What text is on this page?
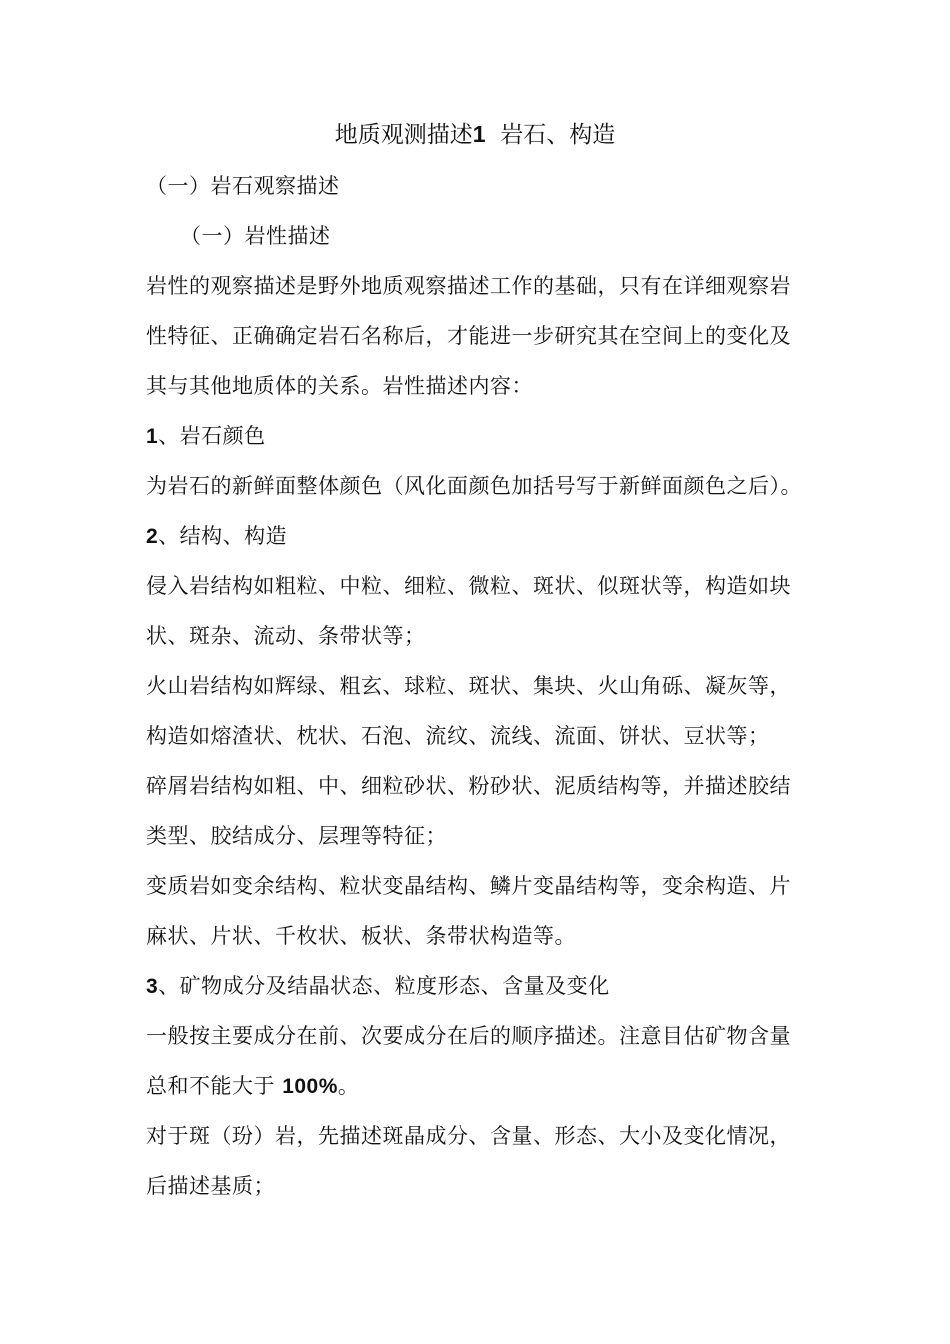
地质观测描述1 岩石、构造
（一）岩石观察描述
（一）岩性描述
岩性的观察描述是野外地质观察描述工作的基础，只有在详细观察岩
性特征、正确确定岩石名称后，才能进一步研究其在空间上的变化及
其与其他地质体的关系。岩性描述内容：
1、岩石颜色
为岩石的新鲜面整体颜色（风化面颜色加括号写于新鲜面颜色之后）。
2、结构、构造
侵入岩结构如粗粒、中粒、细粒、微粒、斑状、似斑状等，构造如块
状、斑杂、流动、条带状等；
火山岩结构如辉绿、粗玄、球粒、斑状、集块、火山角砾、凝灰等，
构造如熔渣状、枕状、石泡、流纹、流线、流面、饼状、豆状等；
碎屑岩结构如粗、中、细粒砂状、粉砂状、泥质结构等，并描述胶结
类型、胶结成分、层理等特征；
变质岩如变余结构、粒状变晶结构、鳞片变晶结构等，变余构造、片
麻状、片状、千枚状、板状、条带状构造等。
3、矿物成分及结晶状态、粒度形态、含量及变化
一般按主要成分在前、次要成分在后的顺序描述。注意目估矿物含量
总和不能大于 100%。
对于斑（玢）岩，先描述斑晶成分、含量、形态、大小及变化情况，
后描述基质；
